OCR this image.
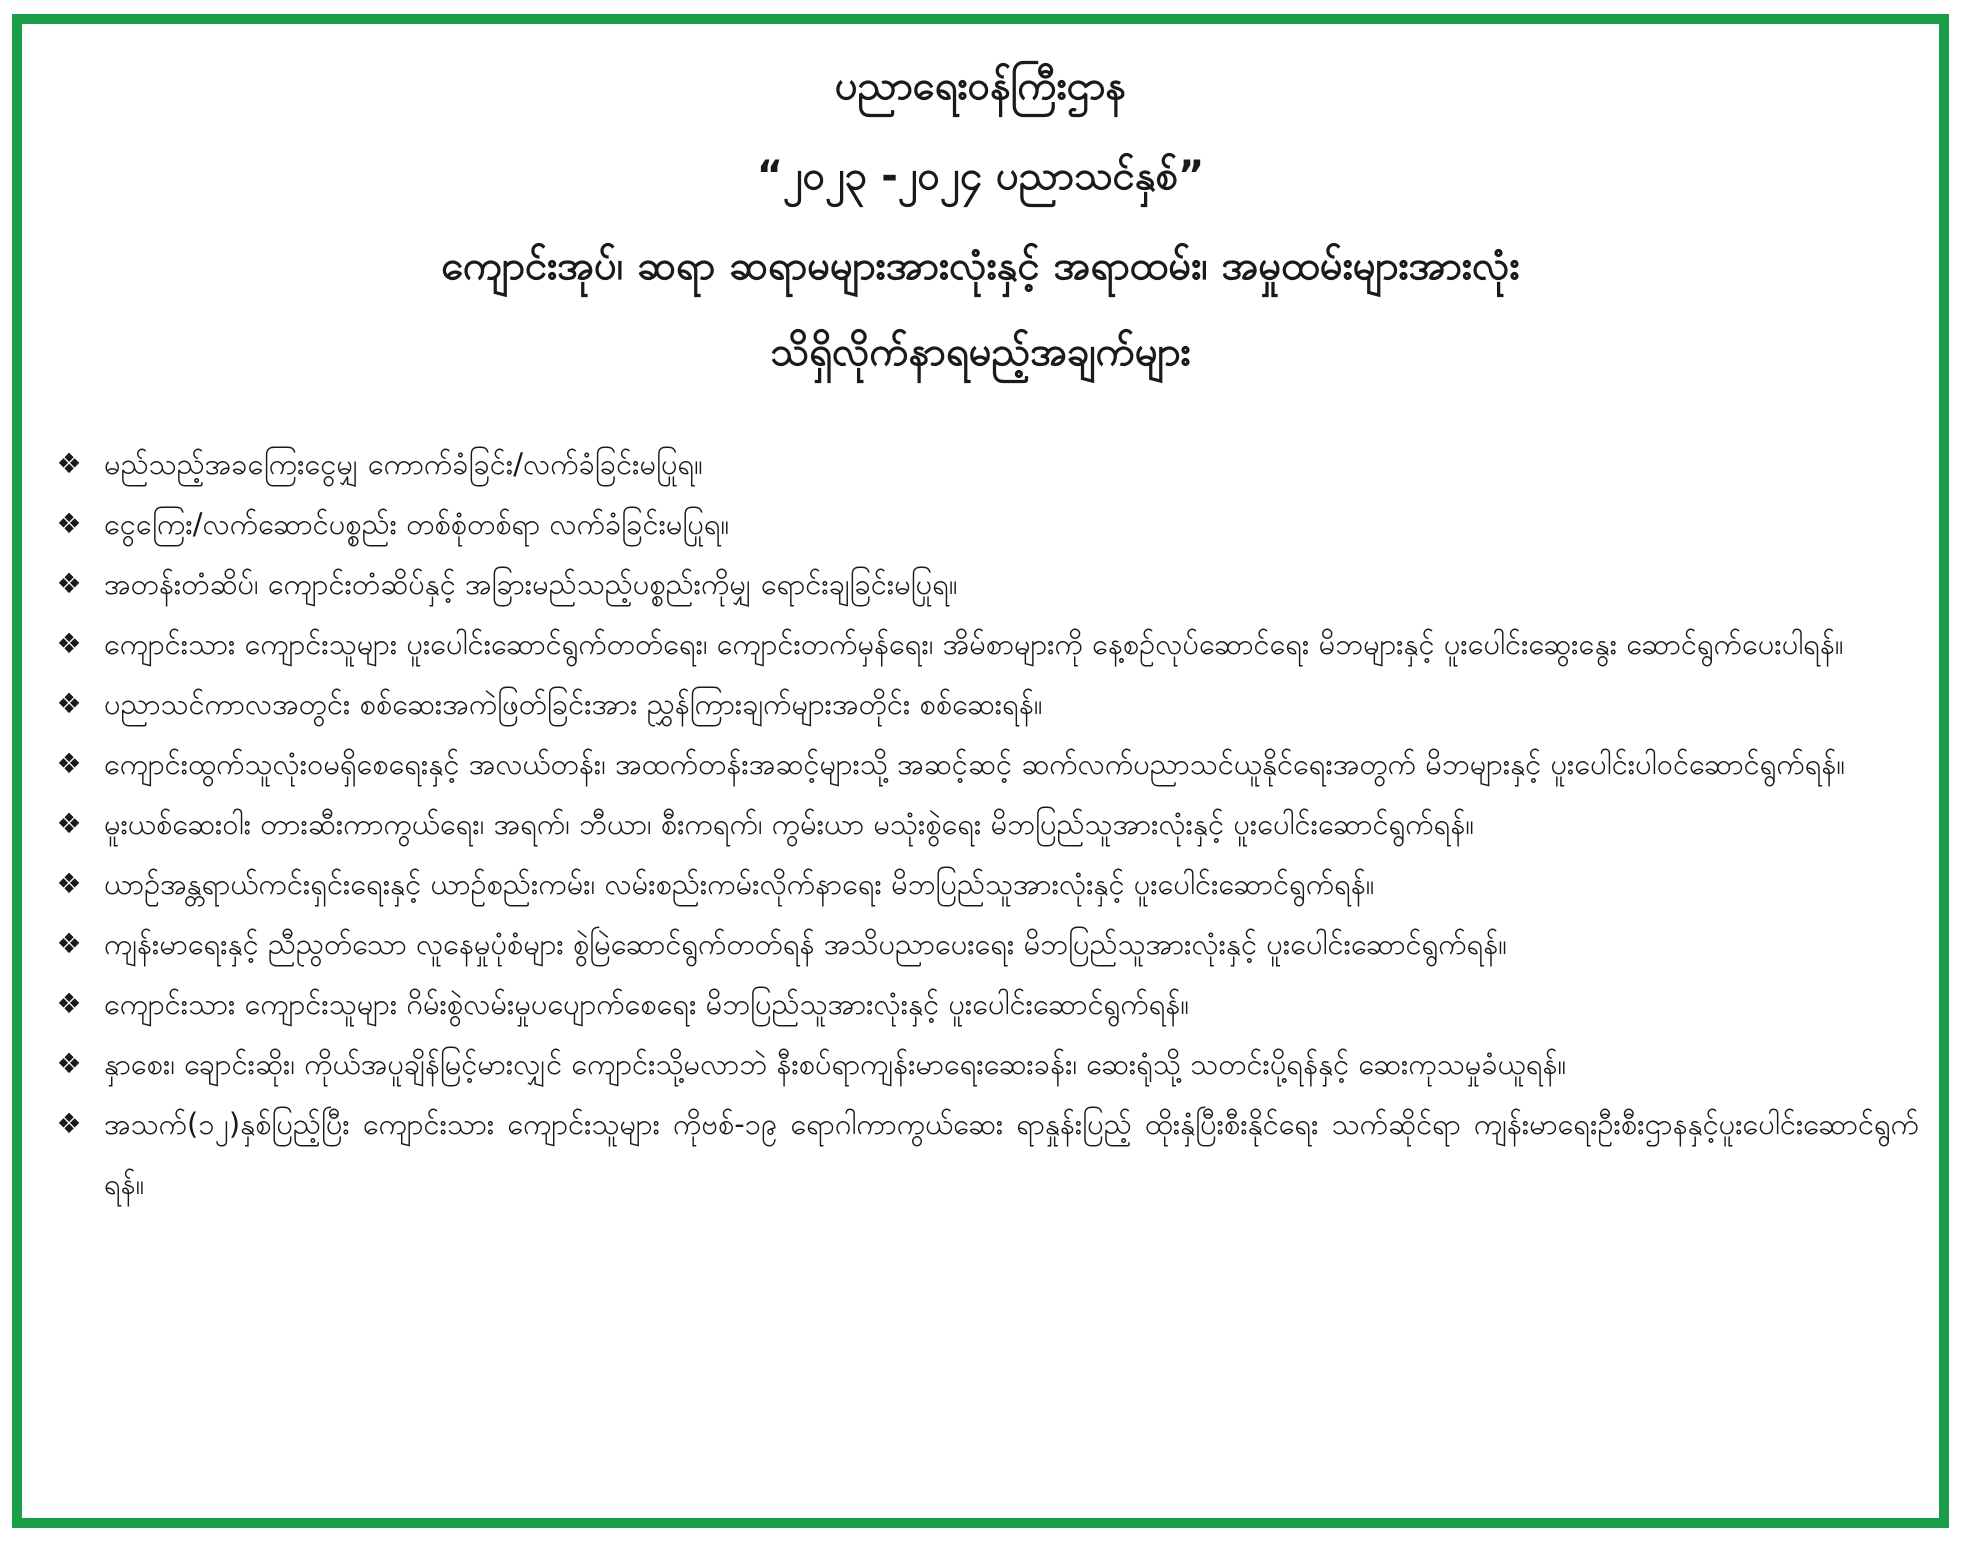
ပညာရေးဝန်ကြီးဌာန
“၂၀၂၃ -၂၀၂၄ ပညာသင်နှစ်”
ကျောင်းအုပ်၊ ဆရာ ဆရာမများအားလုံးနှင့် အရာထမ်း၊ အမှုထမ်းများအားလုံး
သိရှိလိုက်နာရမည့်အချက်များ
❖ မည်သည့်အခကြေးငွေမျှ ကောက်ခံခြင်း/လက်ခံခြင်းမပြုရ။
❖ ငွေကြေး/လက်ဆောင်ပစ္စည်း တစ်စုံတစ်ရာ လက်ခံခြင်းမပြုရ။
❖ အတန်းတံဆိပ်၊ ကျောင်းတံဆိပ်နှင့် အခြားမည်သည့်ပစ္စည်းကိုမျှ ရောင်းချခြင်းမပြုရ။
❖ ကျောင်းသား ကျောင်းသူများ ပူးပေါင်းဆောင်ရွက်တတ်ရေး၊ ကျောင်းတက်မှန်ရေး၊ အိမ်စာများကို နေ့စဉ်လုပ်ဆောင်ရေး မိဘများနှင့် ပူးပေါင်းဆွေးနွေး ဆောင်ရွက်ပေးပါရန်။
❖ ပညာသင်ကာလအတွင်း စစ်ဆေးအကဲဖြတ်ခြင်းအား ညွှန်ကြားချက်များအတိုင်း စစ်ဆေးရန်။
❖ ကျောင်းထွက်သူလုံးဝမရှိစေရေးနှင့် အလယ်တန်း၊ အထက်တန်းအဆင့်များသို့ အဆင့်ဆင့် ဆက်လက်ပညာသင်ယူနိုင်ရေးအတွက် မိဘများနှင့် ပူးပေါင်းပါဝင်ဆောင်ရွက်ရန်။
❖ မူးယစ်ဆေးဝါး တားဆီးကာကွယ်ရေး၊ အရက်၊ ဘီယာ၊ စီးကရက်၊ ကွမ်းယာ မသုံးစွဲရေး မိဘပြည်သူအားလုံးနှင့် ပူးပေါင်းဆောင်ရွက်ရန်။
❖ ယာဉ်အန္တရာယ်ကင်းရှင်းရေးနှင့် ယာဉ်စည်းကမ်း၊ လမ်းစည်းကမ်းလိုက်နာရေး မိဘပြည်သူအားလုံးနှင့် ပူးပေါင်းဆောင်ရွက်ရန်။
❖ ကျန်းမာရေးနှင့် ညီညွတ်သော လူနေမှုပုံစံများ စွဲမြဲဆောင်ရွက်တတ်ရန် အသိပညာပေးရေး မိဘပြည်သူအားလုံးနှင့် ပူးပေါင်းဆောင်ရွက်ရန်။
❖ ကျောင်းသား ကျောင်းသူများ ဂိမ်းစွဲလမ်းမှုပပျောက်စေရေး မိဘပြည်သူအားလုံးနှင့် ပူးပေါင်းဆောင်ရွက်ရန်။
❖ နှာစေး၊ ချောင်းဆိုး၊ ကိုယ်အပူချိန်မြင့်မားလျှင် ကျောင်းသို့မလာဘဲ နီးစပ်ရာကျန်းမာရေးဆေးခန်း၊ ဆေးရုံသို့ သတင်းပို့ရန်နှင့် ဆေးကုသမှုခံယူရန်။
❖ အသက်(၁၂)နှစ်ပြည့်ပြီး ကျောင်းသား ကျောင်းသူများ ကိုဗစ်-၁၉ ရောဂါကာကွယ်ဆေး ရာနှုန်းပြည့် ထိုးနှံပြီးစီးနိုင်ရေး သက်ဆိုင်ရာ ကျန်းမာရေးဦးစီးဌာနနှင့်ပူးပေါင်းဆောင်ရွက်ရန်။
